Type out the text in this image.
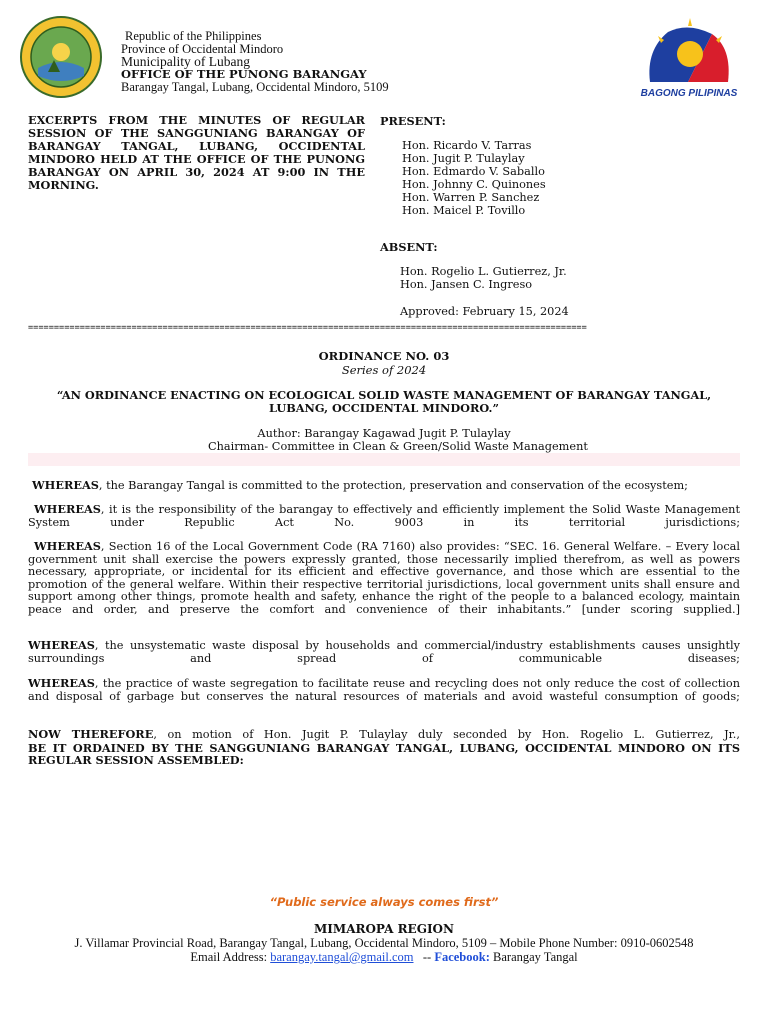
Republic of the Philippines
Province of Occidental Mindoro
Municipality of Lubang
OFFICE OF THE PUNONG BARANGAY
Barangay Tangal, Lubang, Occidental Mindoro, 5109	BAGONG PILIPINAS
EXCERPTS FROM THE MINUTES OF REGULAR SESSION OF THE SANGGUNIANG BARANGAY OF BARANGAY TANGAL, LUBANG, OCCIDENTAL MINDORO HELD AT THE OFFICE OF THE PUNONG BARANGAY ON APRIL 30, 2024 AT 9:00 IN THE MORNING.
PRESENT:
Hon. Ricardo V. Tarras
Hon. Jugit P. Tulaylay
Hon. Edmardo V. Saballo
Hon. Johnny C. Quinones
Hon. Warren P. Sanchez
Hon. Maicel P. Tovillo
ABSENT:
Hon. Rogelio L. Gutierrez, Jr.
Hon. Jansen C. Ingreso
Approved: February 15, 2024
============================================================================================================
ORDINANCE NO. 03
Series of 2024
“AN ORDINANCE ENACTING ON ECOLOGICAL SOLID WASTE MANAGEMENT OF BARANGAY TANGAL,
LUBANG, OCCIDENTAL MINDORO.”
Author: Barangay Kagawad Jugit P. Tulaylay
Chairman- Committee in Clean & Green/Solid Waste Management
WHEREAS, the Barangay Tangal is committed to the protection, preservation and conservation of the ecosystem;
WHEREAS, it is the responsibility of the barangay to effectively and efficiently implement the Solid Waste Management System under Republic Act No. 9003 in its territorial jurisdictions;
WHEREAS, Section 16 of the Local Government Code (RA 7160) also provides: “SEC. 16. General Welfare. – Every local government unit shall exercise the powers expressly granted, those necessarily implied therefrom, as well as powers necessary, appropriate, or incidental for its efficient and effective governance, and those which are essential to the promotion of the general welfare. Within their respective territorial jurisdictions, local government units shall ensure and support among other things, promote health and safety, enhance the right of the people to a balanced ecology, maintain peace and order, and preserve the comfort and convenience of their inhabitants.” [under scoring supplied.]
WHEREAS, the unsystematic waste disposal by households and commercial/industry establishments causes unsightly surroundings and spread of communicable diseases;
WHEREAS, the practice of waste segregation to facilitate reuse and recycling does not only reduce the cost of collection and disposal of garbage but conserves the natural resources of materials and avoid wasteful consumption of goods;
NOW THEREFORE, on motion of Hon. Jugit P. Tulaylay duly seconded by Hon. Rogelio L. Gutierrez, Jr.,
BE IT ORDAINED BY THE SANGGUNIANG BARANGAY TANGAL, LUBANG, OCCIDENTAL MINDORO ON ITS REGULAR SESSION ASSEMBLED:
“Public service always comes first”
MIMAROPA REGION
J. Villamar Provincial Road, Barangay Tangal, Lubang, Occidental Mindoro, 5109 – Mobile Phone Number: 0910-0602548
Email Address: barangay.tangal@gmail.com -- Facebook: Barangay Tangal
